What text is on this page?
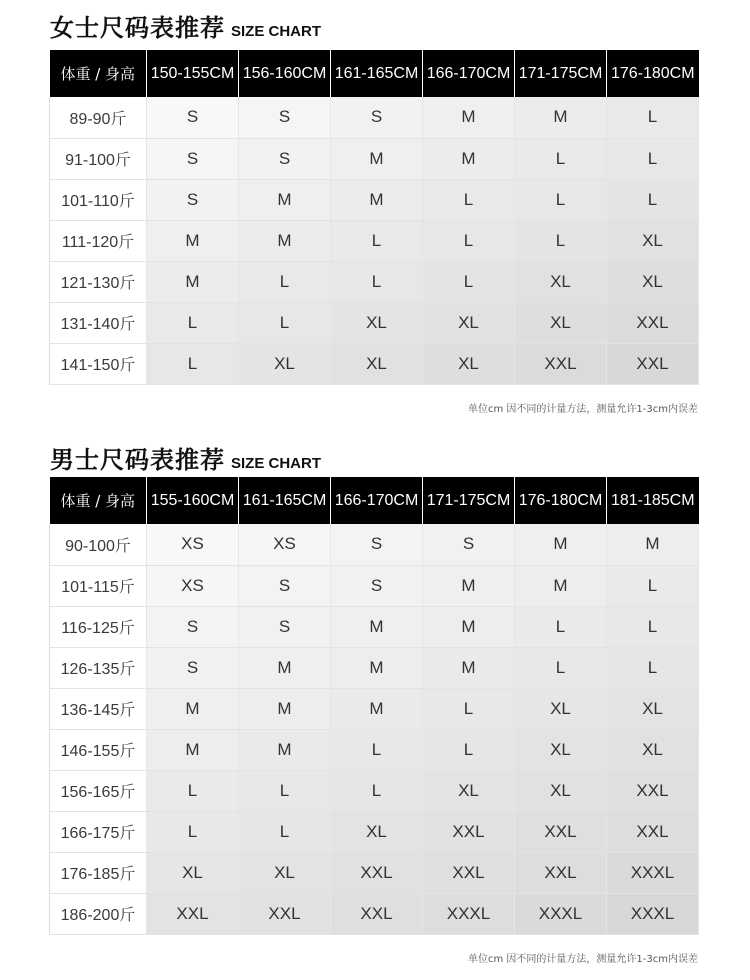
女士尺码表推荐 SIZE CHART
体重 / 身高	150-155CM	156-160CM	161-165CM	166-170CM	171-175CM	176-180CM
89-90斤	S	S	S	M	M	L
91-100斤	S	S	M	M	L	L
101-110斤	S	M	M	L	L	L
111-120斤	M	M	L	L	L	XL
121-130斤	M	L	L	L	XL	XL
131-140斤	L	L	XL	XL	XL	XXL
141-150斤	L	XL	XL	XL	XXL	XXL
单位cm 因不同的计量方法，测量允许1-3cm内误差
男士尺码表推荐 SIZE CHART
体重 / 身高	155-160CM	161-165CM	166-170CM	171-175CM	176-180CM	181-185CM
90-100斤	XS	XS	S	S	M	M
101-115斤	XS	S	S	M	M	L
116-125斤	S	S	M	M	L	L
126-135斤	S	M	M	M	L	L
136-145斤	M	M	M	L	XL	XL
146-155斤	M	M	L	L	XL	XL
156-165斤	L	L	L	XL	XL	XXL
166-175斤	L	L	XL	XXL	XXL	XXL
176-185斤	XL	XL	XXL	XXL	XXL	XXXL
186-200斤	XXL	XXL	XXL	XXXL	XXXL	XXXL
单位cm 因不同的计量方法，测量允许1-3cm内误差
